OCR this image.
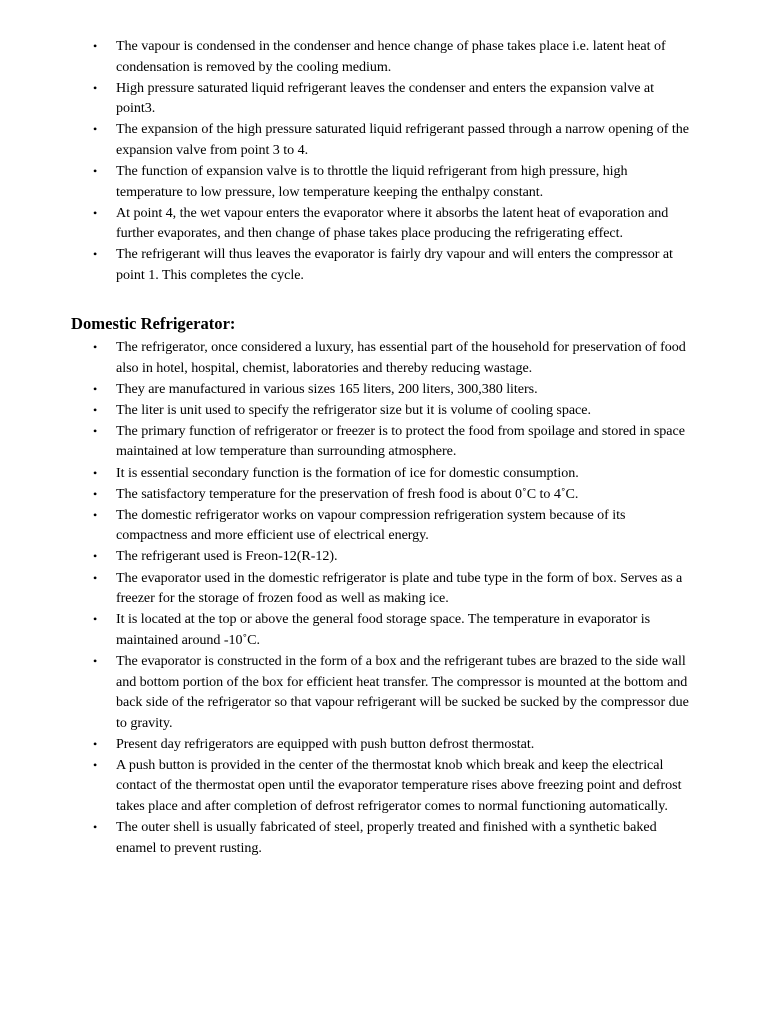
• The vapour is condensed in the condenser and hence change of phase takes place i.e. latent heat of condensation is removed by the cooling medium.
• High pressure saturated liquid refrigerant leaves the condenser and enters the expansion valve at point3.
• The expansion of the high pressure saturated liquid refrigerant passed through a narrow opening of the expansion valve from point 3 to 4.
• The function of expansion valve is to throttle the liquid refrigerant from high pressure, high temperature to low pressure, low temperature keeping the enthalpy constant.
• At point 4, the wet vapour enters the evaporator where it absorbs the latent heat of evaporation and further evaporates, and then change of phase takes place producing the refrigerating effect.
• The refrigerant will thus leaves the evaporator is fairly dry vapour and will enters the compressor at point 1. This completes the cycle.
Domestic Refrigerator:
• The refrigerator, once considered a luxury, has essential part of the household for preservation of food also in hotel, hospital, chemist, laboratories and thereby reducing wastage.
• They are manufactured in various sizes 165 liters, 200 liters, 300,380 liters.
• The liter is unit used to specify the refrigerator size but it is volume of cooling space.
• The primary function of refrigerator or freezer is to protect the food from spoilage and stored in space maintained at low temperature than surrounding atmosphere.
• It is essential secondary function is the formation of ice for domestic consumption.
• The satisfactory temperature for the preservation of fresh food is about 0˚C to 4˚C.
• The domestic refrigerator works on vapour compression refrigeration system because of its compactness and more efficient use of electrical energy.
• The refrigerant used is Freon-12(R-12).
• The evaporator used in the domestic refrigerator is plate and tube type in the form of box. Serves as a freezer for the storage of frozen food as well as making ice.
• It is located at the top or above the general food storage space. The temperature in evaporator is maintained around -10˚C.
• The evaporator is constructed in the form of a box and the refrigerant tubes are brazed to the side wall and bottom portion of the box for efficient heat transfer. The compressor is mounted at the bottom and back side of the refrigerator so that vapour refrigerant will be sucked be sucked by the compressor due to gravity.
• Present day refrigerators are equipped with push button defrost thermostat.
• A push button is provided in the center of the thermostat knob which break and keep the electrical contact of the thermostat open until the evaporator temperature rises above freezing point and defrost takes place and after completion of defrost refrigerator comes to normal functioning automatically.
• The outer shell is usually fabricated of steel, properly treated and finished with a synthetic baked enamel to prevent rusting.
